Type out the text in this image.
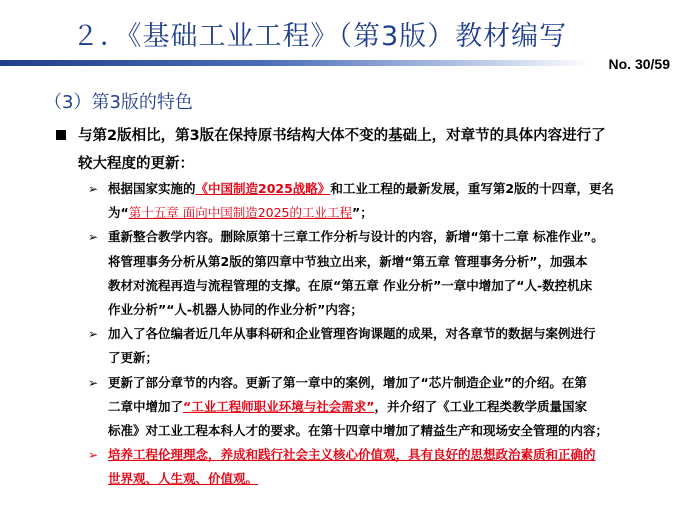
２．《基础工业工程》（第3版）教材编写
No. 30/59
（3）第3版的特色
与第2版相比，第3版在保持原书结构大体不变的基础上，对章节的具体内容进行了
较大程度的更新：
➢ 根据国家实施的《中国制造2025战略》和工业工程的最新发展，重写第2版的十四章，更名
为“第十五章 面向中国制造2025的工业工程”；
➢ 重新整合教学内容。删除原第十三章工作分析与设计的内容，新增“第十二章 标准作业”。
将管理事务分析从第2版的第四章中节独立出来，新增“第五章 管理事务分析”，加强本
教材对流程再造与流程管理的支撑。在原“第五章 作业分析”一章中增加了“人-数控机床
作业分析”“人-机器人协同的作业分析”内容；
➢ 加入了各位编者近几年从事科研和企业管理咨询课题的成果，对各章节的数据与案例进行
了更新；
➢ 更新了部分章节的内容。更新了第一章中的案例，增加了“芯片制造企业”的介绍。在第
二章中增加了“工业工程师职业环境与社会需求”，并介绍了《工业工程类教学质量国家
标准》对工业工程本科人才的要求。在第十四章中增加了精益生产和现场安全管理的内容；
➢ 培养工程伦理理念，养成和践行社会主义核心价值观，具有良好的思想政治素质和正确的
世界观、人生观、价值观。
